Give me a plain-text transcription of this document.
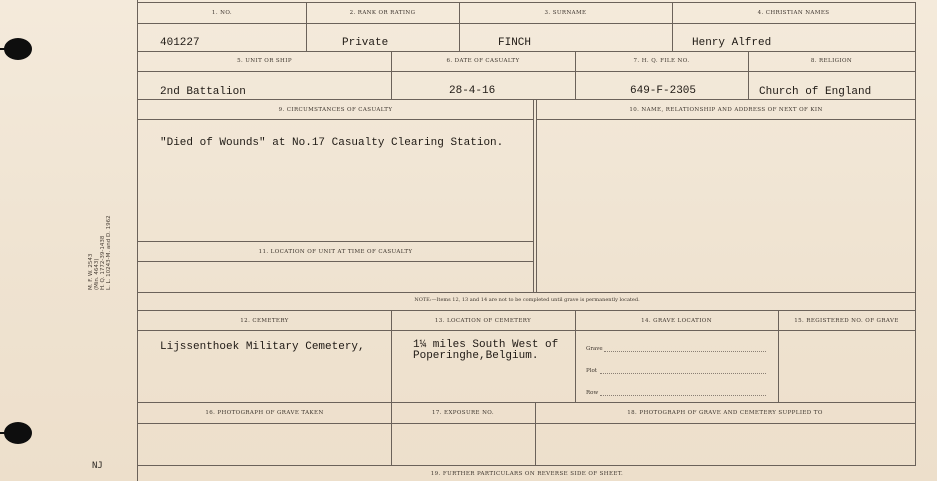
M. F. W. 2543 (Min. 4643) H. Q. 1772-39-1438 L. L. 10243-M. and D. 1962
NJ
1. NO.	2. RANK OR RATING	3. SURNAME	4. CHRISTIAN NAMES
401227	Private	FINCH	Henry Alfred
5. UNIT OR SHIP	6. DATE OF CASUALTY	7. H. Q. FILE NO.	8. RELIGION
2nd Battalion	28-4-16	649-F-2305	Church of England
9. CIRCUMSTANCES OF CASUALTY	10. NAME, RELATIONSHIP AND ADDRESS OF NEXT OF KIN
"Died of Wounds" at No.17 Casualty Clearing Station.
11. LOCATION OF UNIT AT TIME OF CASUALTY
NOTE:—Items 12, 13 and 14 are not to be completed until grave is permanently located.
12. CEMETERY	13. LOCATION OF CEMETERY	14. GRAVE LOCATION	15. REGISTERED NO. OF GRAVE
Lijssenthoek Military Cemetery,	1¼ miles South West of
Poperinghe,Belgium.
Grave
Plot
Row
16. PHOTOGRAPH OF GRAVE TAKEN	17. EXPOSURE NO.	18. PHOTOGRAPH OF GRAVE AND CEMETERY SUPPLIED TO
19. FURTHER PARTICULARS ON REVERSE SIDE OF SHEET.
